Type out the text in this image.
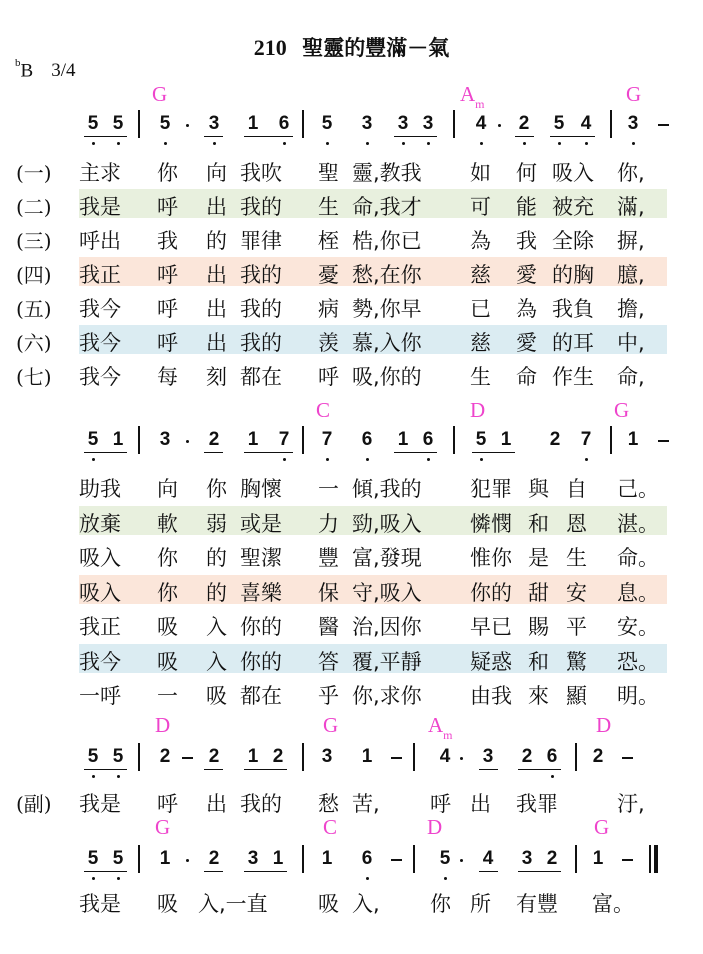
210 聖靈的豐滿－氣
$^b$B 3/4
G	$A_m$	G
C	D	G
D	G	$A_m$	D
G	C	D	G
5 5 5 3 1 6 5 3 3 3 4 2 5 4 3
5 1 3 2 1 7 7 6 1 6 5 1 2 7 1
5 5 2 2 1 2 3 1	4 3 2 6 2
5 5 1 2 3 1 1 6	5 4 3 2 1
(一) 主求 你 向 我吹 聖 靈,教我 如 何 吸入 你,
(二) 我是 呼 出 我的 生 命,我才 可 能 被充 滿,
(三) 呼出 我 的 罪律 桎 梏,你已 為 我 全除 摒,
(四) 我正 呼 出 我的 憂 愁,在你 慈 愛 的胸 臆,
(五) 我今 呼 出 我的 病 勢,你早 已 為 我負 擔,
(六) 我今 呼 出 我的 羡 慕,入你 慈 愛 的耳 中,
(七) 我今 每 刻 都在 呼 吸,你的 生 命 作生 命,
助我 向 你 胸懷 一 傾,我的 犯罪 與 自 己。
放棄 軟 弱 或是 力 勁,吸入 憐憫 和 恩 湛。
吸入 你 的 聖潔 豐 富,發現 惟你 是 生 命。
吸入 你 的 喜樂 保 守,吸入 你的 甜 安 息。
我正 吸 入 你的 醫 治,因你 早已 賜 平 安。
我今 吸 入 你的 答 覆,平靜 疑惑 和 驚 恐。
一呼 一 吸 都在 乎 你,求你 由我 來 顯 明。
(副) 我是 呼 出 我的 愁 苦, 呼 出 我罪	汙,
我是 吸 入,一直 吸 入, 你 所 有豐 富。
